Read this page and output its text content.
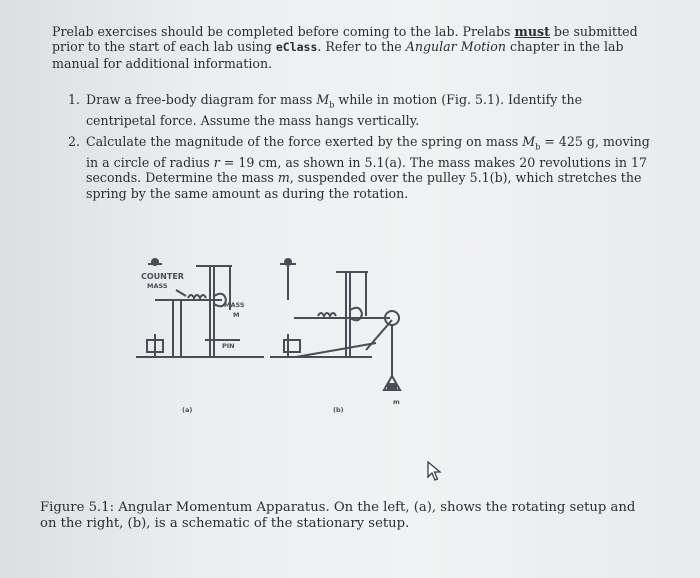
Prelab exercises should be completed before coming to the lab. Prelabs must be submitted prior to the start of each lab using eClass. Refer to the Angular Motion chapter in the lab manual for additional information.
1. Draw a free-body diagram for mass $M_b$ while in motion (Fig. 5.1). Identify the centripetal force. Assume the mass hangs vertically.
2. Calculate the magnitude of the force exerted by the spring on mass $M_b = 425$ g, moving in a circle of radius r = 19 cm, as shown in 5.1(a). The mass makes 20 revolutions in 17 seconds. Determine the mass m, suspended over the pulley 5.1(b), which stretches the spring by the same amount as during the rotation.
COUNTER
MASS
MASS
M
PIN
m
(a)	(b)
Figure 5.1: Angular Momentum Apparatus. On the left, (a), shows the rotating setup and on the right, (b), is a schematic of the stationary setup.
